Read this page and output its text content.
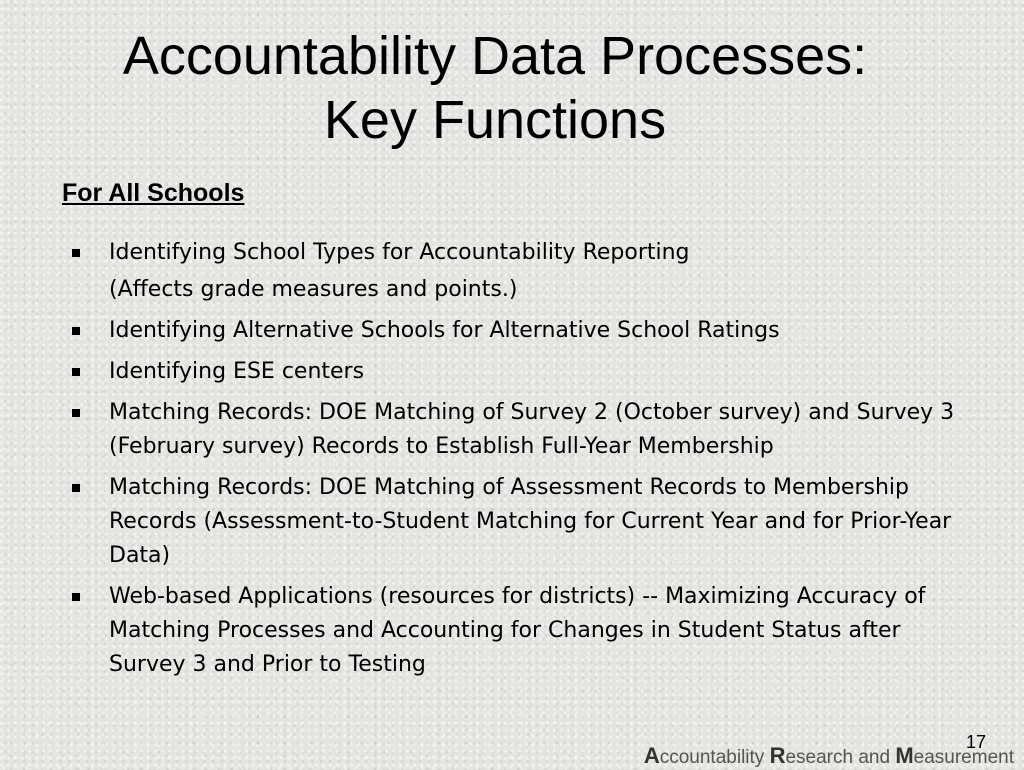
Accountability Data Processes:
Key Functions
For All Schools
Identifying School Types for Accountability Reporting
(Affects grade measures and points.)
Identifying Alternative Schools for Alternative School Ratings
Identifying ESE centers
Matching Records: DOE Matching of Survey 2 (October survey) and Survey 3 (February survey) Records to Establish Full-Year Membership
Matching Records: DOE Matching of Assessment Records to Membership Records (Assessment-to-Student Matching for Current Year and for Prior-Year Data)
Web-based Applications (resources for districts) -- Maximizing Accuracy of Matching Processes and Accounting for Changes in Student Status after Survey 3 and Prior to Testing
17
Accountability Research and Measurement
